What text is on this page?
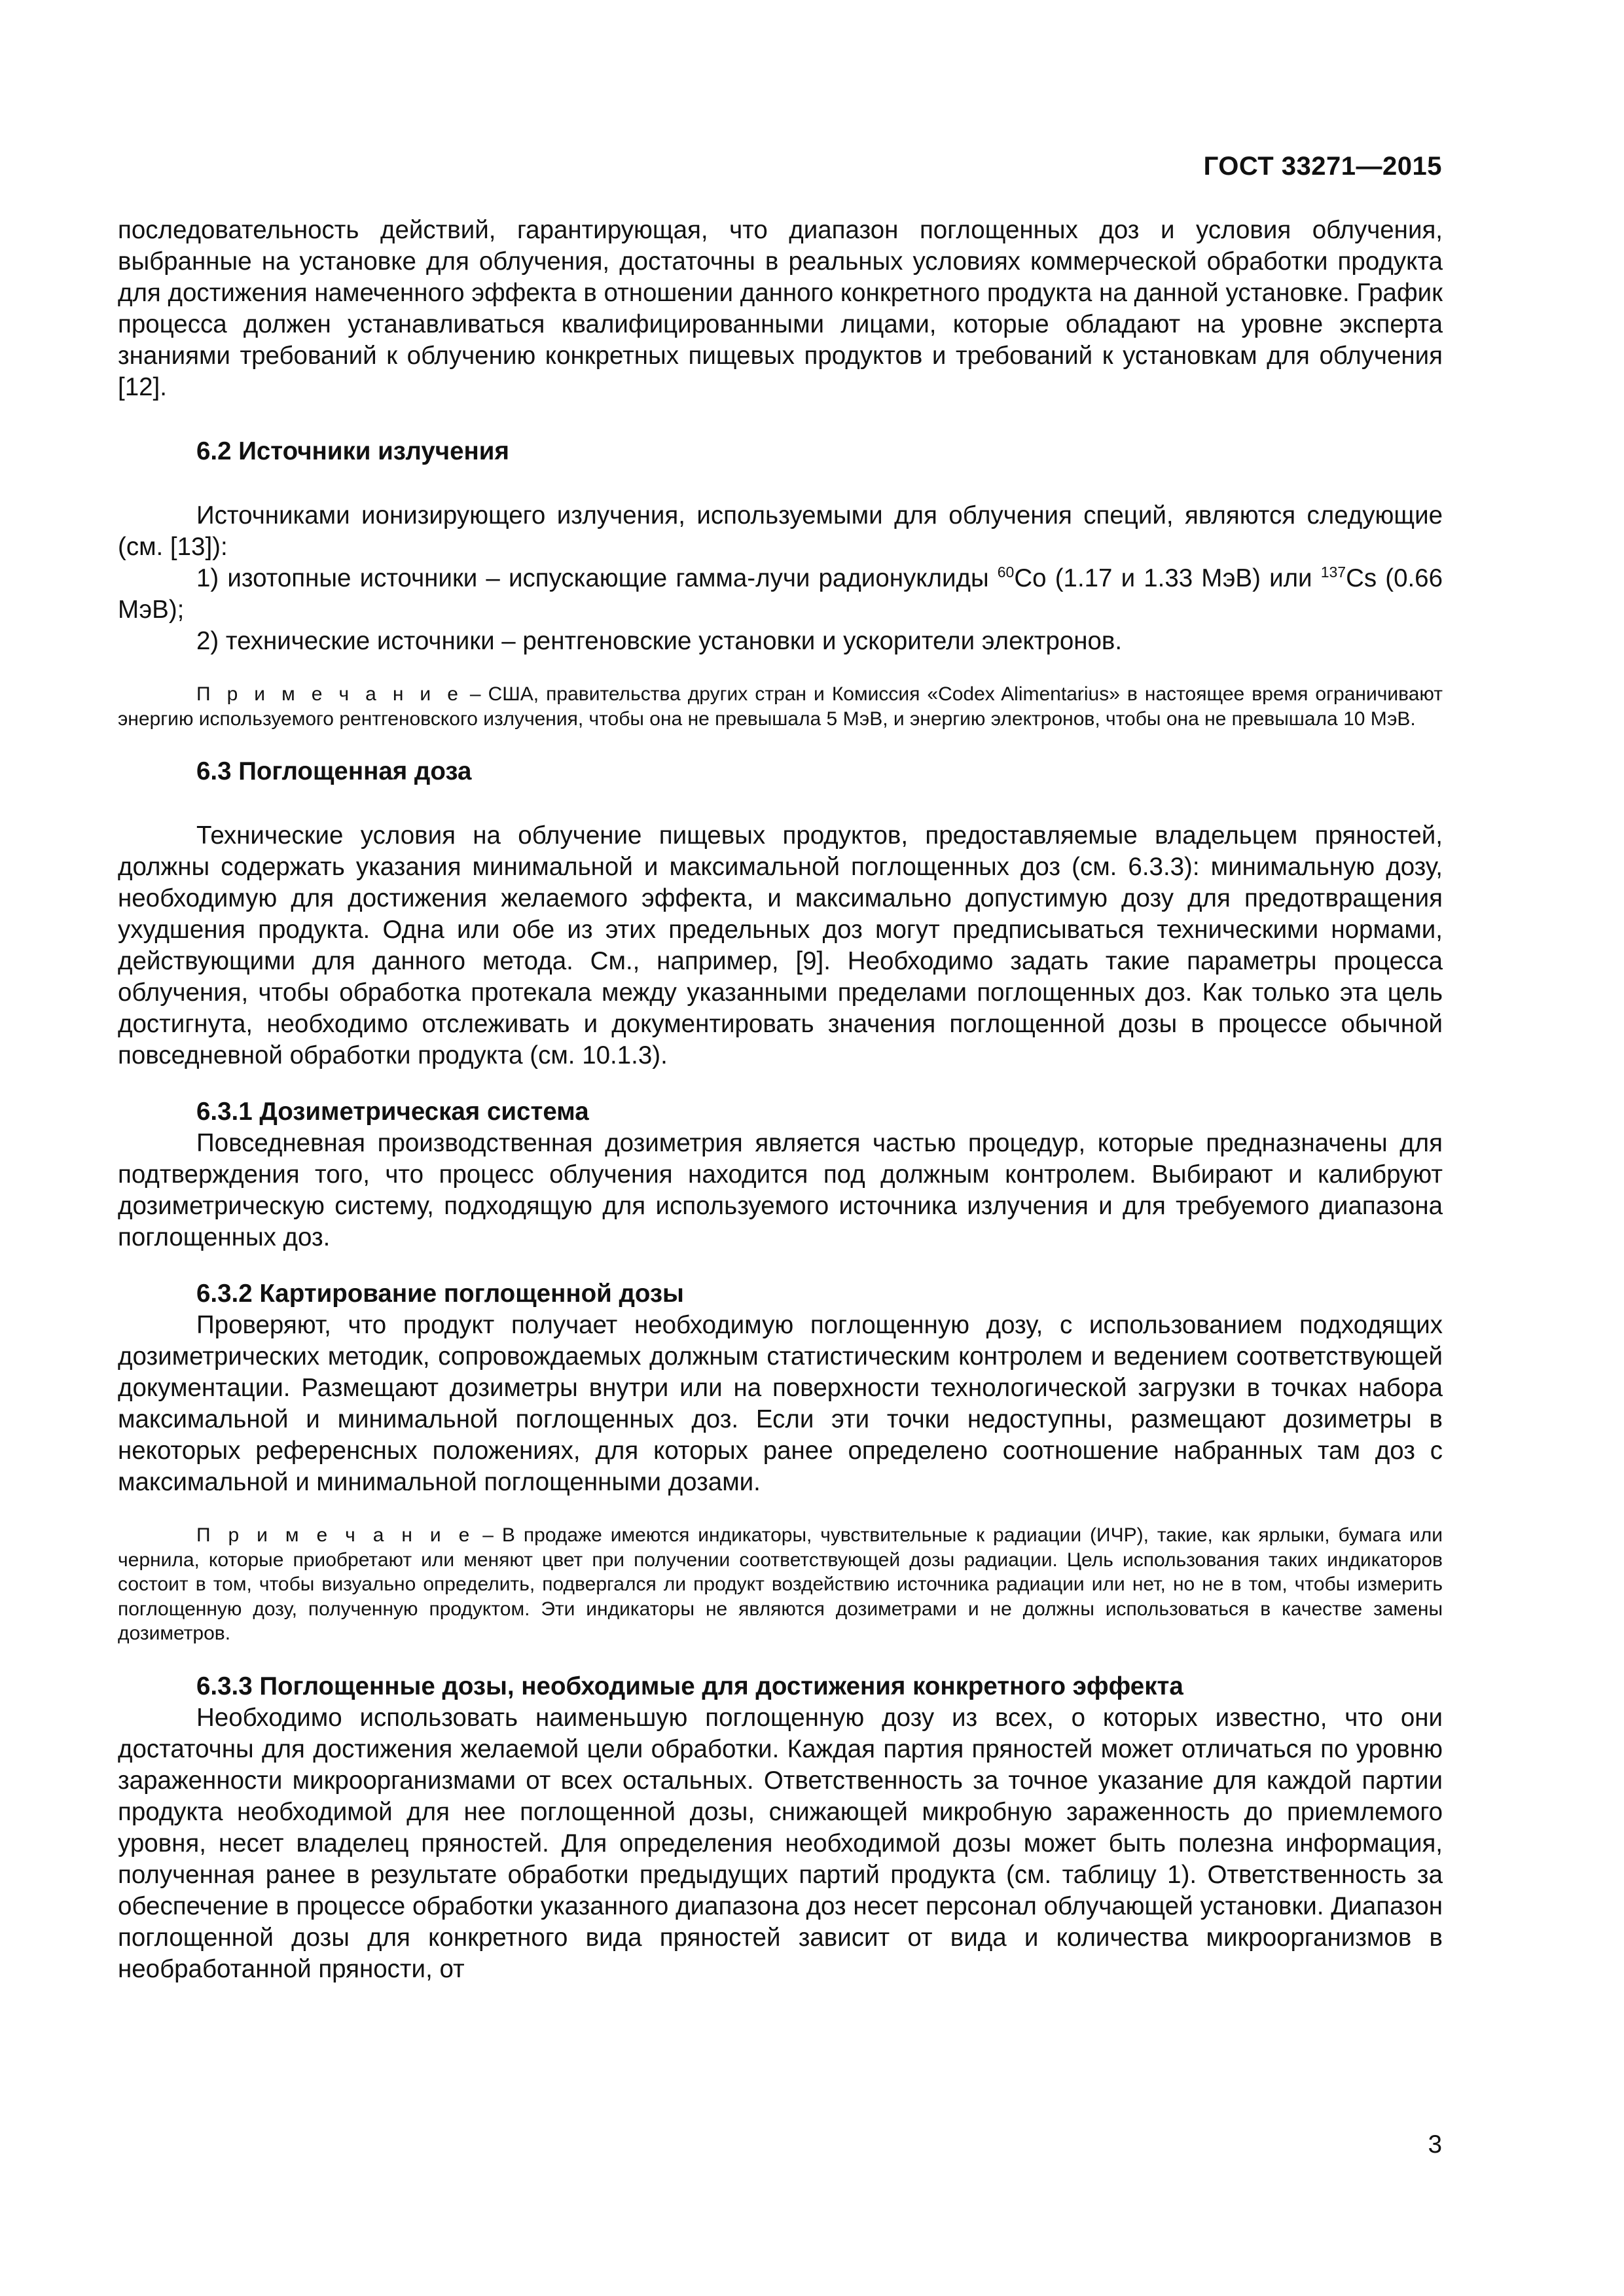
ГОСТ 33271—2015

последовательность действий, гарантирующая, что диапазон поглощенных доз и условия облучения, выбранные на установке для облучения, достаточны в реальных условиях коммерческой обработки продукта для достижения намеченного эффекта в отношении данного конкретного продукта на данной установке. График процесса должен устанавливаться квалифицированными лицами, которые обладают на уровне эксперта знаниями требований к облучению конкретных пищевых продуктов и требований к установкам для облучения [12].

6.2 Источники излучения

Источниками ионизирующего излучения, используемыми для облучения специй, являются следующие (см. [13]):

1) изотопные источники – испускающие гамма-лучи радионуклиды $^{60}$Co (1.17 и 1.33 МэВ) или $^{137}$Cs (0.66 МэВ);

2) технические источники – рентгеновские установки и ускорители электронов.

П р и м е ч а н и е – США, правительства других стран и Комиссия «Codex Alimentarius» в настоящее время ограничивают энергию используемого рентгеновского излучения, чтобы она не превышала 5 МэВ, и энергию электронов, чтобы она не превышала 10 МэВ.

6.3 Поглощенная доза

Технические условия на облучение пищевых продуктов, предоставляемые владельцем пряностей, должны содержать указания минимальной и максимальной поглощенных доз (см. 6.3.3): минимальную дозу, необходимую для достижения желаемого эффекта, и максимально допустимую дозу для предотвращения ухудшения продукта. Одна или обе из этих предельных доз могут предписываться техническими нормами, действующими для данного метода. См., например, [9]. Необходимо задать такие параметры процесса облучения, чтобы обработка протекала между указанными пределами поглощенных доз. Как только эта цель достигнута, необходимо отслеживать и документировать значения поглощенной дозы в процессе обычной повседневной обработки продукта (см. 10.1.3).

6.3.1 Дозиметрическая система

Повседневная производственная дозиметрия является частью процедур, которые предназначены для подтверждения того, что процесс облучения находится под должным контролем. Выбирают и калибруют дозиметрическую систему, подходящую для используемого источника излучения и для требуемого диапазона поглощенных доз.

6.3.2 Картирование поглощенной дозы

Проверяют, что продукт получает необходимую поглощенную дозу, с использованием подходящих дозиметрических методик, сопровождаемых должным статистическим контролем и ведением соответствующей документации. Размещают дозиметры внутри или на поверхности технологической загрузки в точках набора максимальной и минимальной поглощенных доз. Если эти точки недоступны, размещают дозиметры в некоторых референсных положениях, для которых ранее определено соотношение набранных там доз с максимальной и минимальной поглощенными дозами.

П р и м е ч а н и е – В продаже имеются индикаторы, чувствительные к радиации (ИЧР), такие, как ярлыки, бумага или чернила, которые приобретают или меняют цвет при получении соответствующей дозы радиации. Цель использования таких индикаторов состоит в том, чтобы визуально определить, подвергался ли продукт воздействию источника радиации или нет, но не в том, чтобы измерить поглощенную дозу, полученную продуктом. Эти индикаторы не являются дозиметрами и не должны использоваться в качестве замены дозиметров.

6.3.3 Поглощенные дозы, необходимые для достижения конкретного эффекта

Необходимо использовать наименьшую поглощенную дозу из всех, о которых известно, что они достаточны для достижения желаемой цели обработки. Каждая партия пряностей может отличаться по уровню зараженности микроорганизмами от всех остальных. Ответственность за точное указание для каждой партии продукта необходимой для нее поглощенной дозы, снижающей микробную зараженность до приемлемого уровня, несет владелец пряностей. Для определения необходимой дозы может быть полезна информация, полученная ранее в результате обработки предыдущих партий продукта (см. таблицу 1). Ответственность за обеспечение в процессе обработки указанного диапазона доз несет персонал облучающей установки. Диапазон поглощенной дозы для конкретного вида пряностей зависит от вида и количества микроорганизмов в необработанной пряности, от

3
